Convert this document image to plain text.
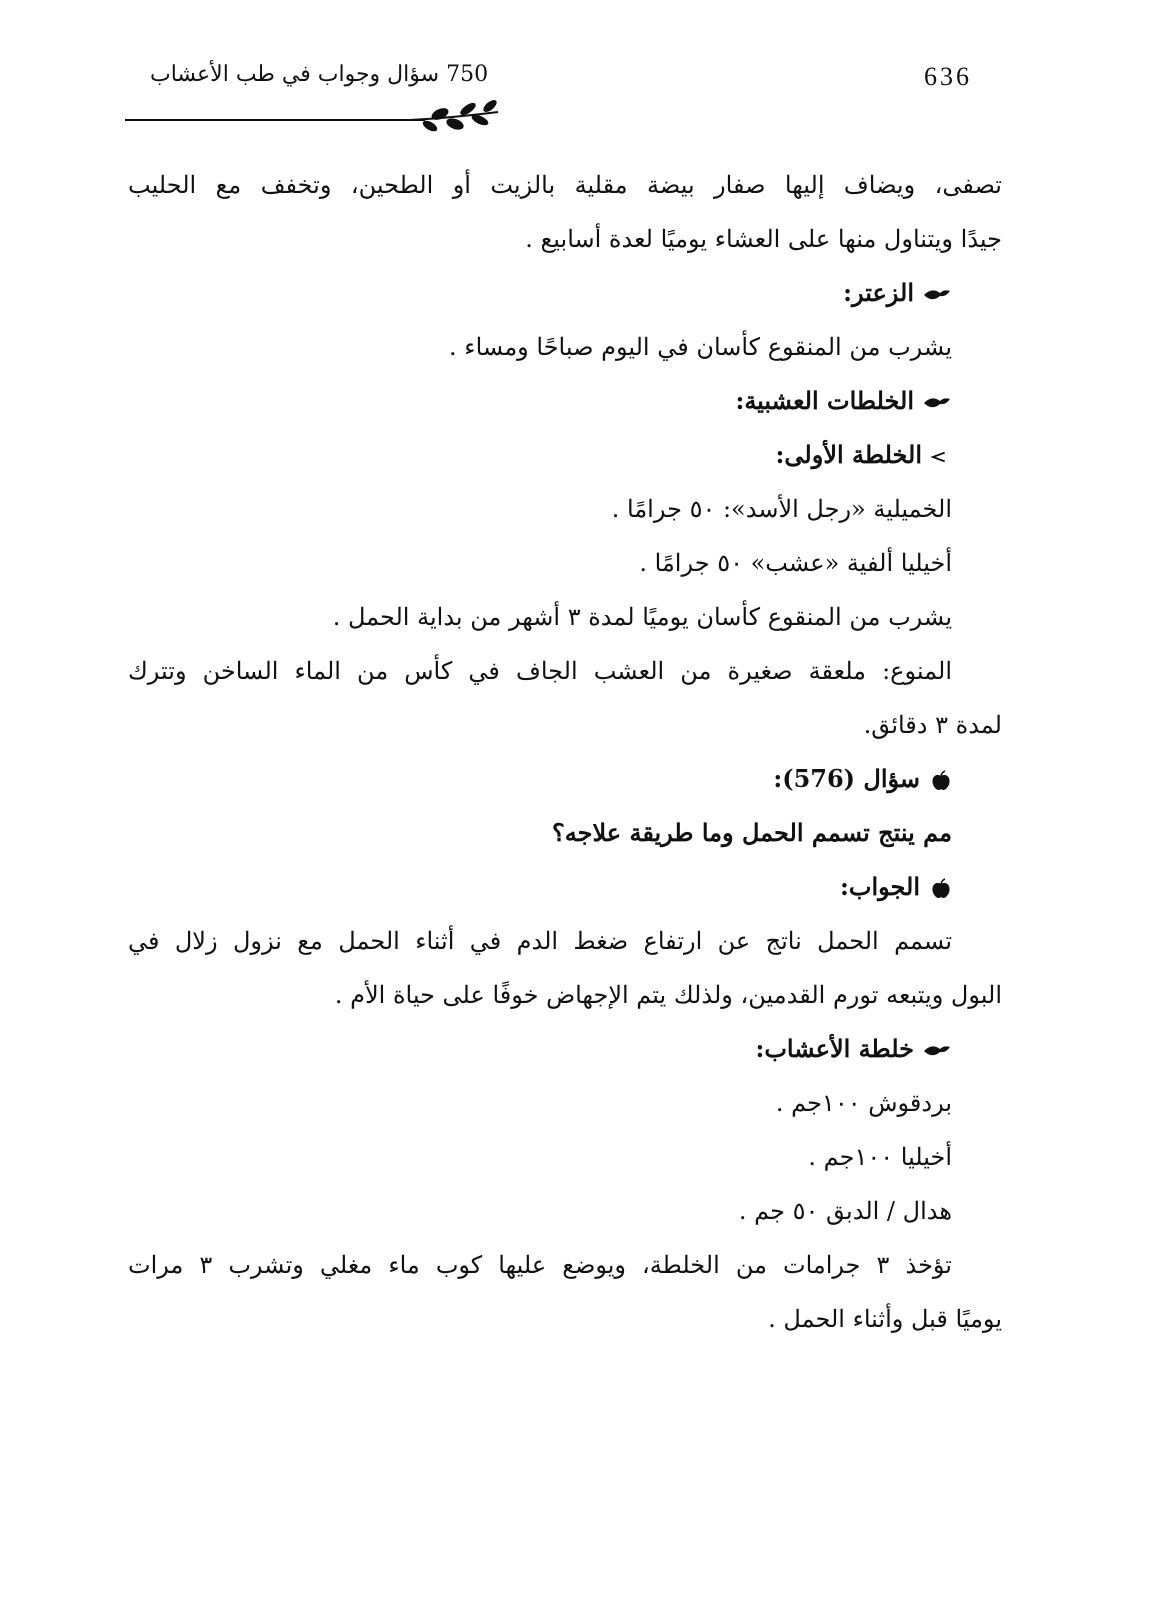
636
750 سؤال وجواب في طب الأعشاب
تصفى، ويضاف إليها صفار بيضة مقلية بالزيت أو الطحين، وتخفف مع الحليب
جيدًا ويتناول منها على العشاء يوميًا لعدة أسابيع .
الزعتر:
يشرب من المنقوع كأسان في اليوم صباحًا ومساء .
الخلطات العشبية:
الخلطة الأولى:
الخميلية «رجل الأسد»: ٥٠ جرامًا .
أخيليا ألفية «عشب» ٥٠ جرامًا .
يشرب من المنقوع كأسان يوميًا لمدة ٣ أشهر من بداية الحمل .
المنوع: ملعقة صغيرة من العشب الجاف في كأس من الماء الساخن وتترك
لمدة ٣ دقائق.
سؤال (576):
مم ينتج تسمم الحمل وما طريقة علاجه؟
الجواب:
تسمم الحمل ناتج عن ارتفاع ضغط الدم في أثناء الحمل مع نزول زلال في
البول ويتبعه تورم القدمين، ولذلك يتم الإجهاض خوفًا على حياة الأم .
خلطة الأعشاب:
بردقوش ١٠٠جم .
أخيليا ١٠٠جم .
هدال / الدبق ٥٠ جم .
تؤخذ ٣ جرامات من الخلطة، ويوضع عليها كوب ماء مغلي وتشرب ٣ مرات
يوميًا قبل وأثناء الحمل .
